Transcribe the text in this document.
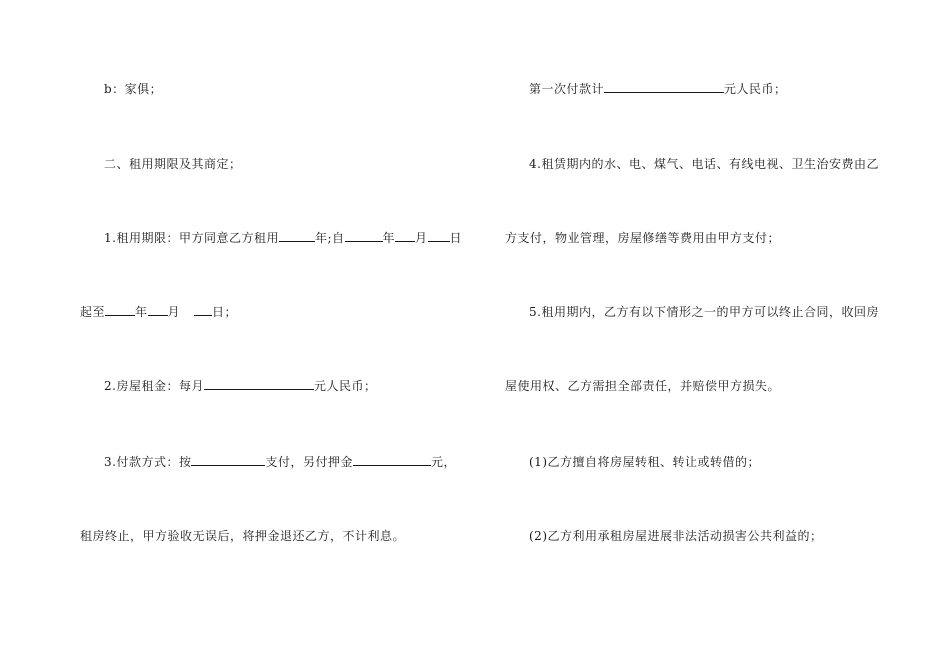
b：家俱；
二、租用期限及其商定；
1.租用期限：甲方同意乙方租用	年;自	年 月 日
起至	年 月	日；
2.房屋租金：每月	元人民币；
3.付款方式：按	支付，另付押金	元，
租房终止，甲方验收无误后，将押金退还乙方，不计利息。
第一次付款计	元人民币；
4.租赁期内的水、电、煤气、电话、有线电视、卫生治安费由乙
方支付，物业管理，房屋修缮等费用由甲方支付；
5.租用期内，乙方有以下情形之一的甲方可以终止合同，收回房
屋使用权、乙方需担全部责任，并赔偿甲方损失。
(1)乙方擅自将房屋转租、转让或转借的；
(2)乙方利用承租房屋进展非法活动损害公共利益的；
